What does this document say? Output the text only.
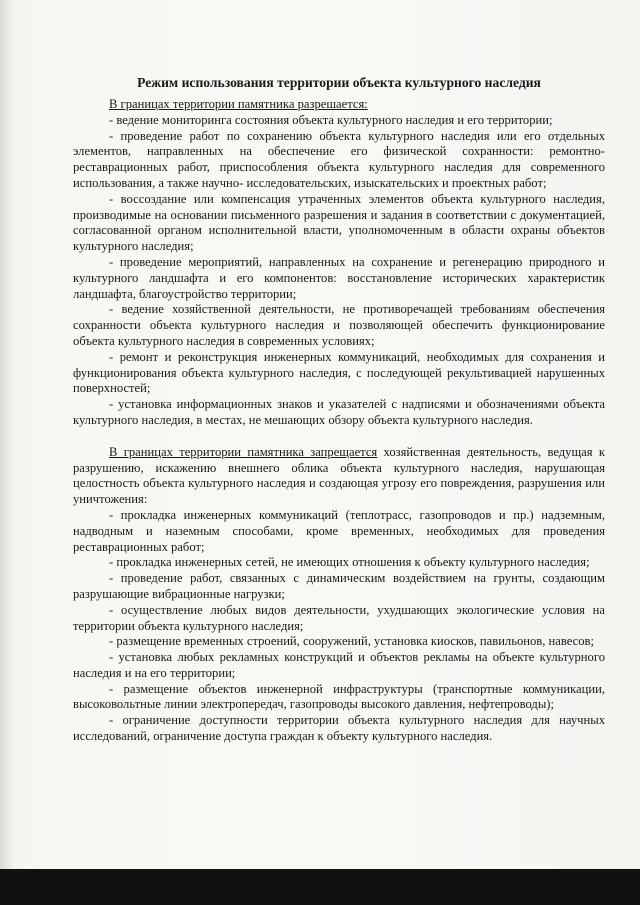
Режим использования территории объекта культурного наследия

В границах территории памятника разрешается:

- ведение мониторинга состояния объекта культурного наследия и его территории;

- проведение работ по сохранению объекта культурного наследия или его отдельных элементов, направленных на обеспечение его физической сохранности: ремонтно-реставрационных работ, приспособления объекта культурного наследия для современного использования, а также научно- исследовательских, изыскательских и проектных работ;

- воссоздание или компенсация утраченных элементов объекта культурного наследия, производимые на основании письменного разрешения и задания в соответствии с документацией, согласованной органом исполнительной власти, уполномоченным в области охраны объектов культурного наследия;

- проведение мероприятий, направленных на сохранение и регенерацию природного и культурного ландшафта и его компонентов: восстановление исторических характеристик ландшафта, благоустройство территории;

- ведение хозяйственной деятельности, не противоречащей требованиям обеспечения сохранности объекта культурного наследия и позволяющей обеспечить функционирование объекта культурного наследия в современных условиях;

- ремонт и реконструкция инженерных коммуникаций, необходимых для сохранения и функционирования объекта культурного наследия, с последующей рекультивацией нарушенных поверхностей;

- установка информационных знаков и указателей с надписями и обозначениями объекта культурного наследия, в местах, не мешающих обзору объекта культурного наследия.

В границах территории памятника запрещается хозяйственная деятельность, ведущая к разрушению, искажению внешнего облика объекта культурного наследия, нарушающая целостность объекта культурного наследия и создающая угрозу его повреждения, разрушения или уничтожения:

- прокладка инженерных коммуникаций (теплотрасс, газопроводов и пр.) надземным, надводным и наземным способами, кроме временных, необходимых для проведения реставрационных работ;

- прокладка инженерных сетей, не имеющих отношения к объекту культурного наследия;

- проведение работ, связанных с динамическим воздействием на грунты, создающим разрушающие вибрационные нагрузки;

- осуществление любых видов деятельности, ухудшающих экологические условия на территории объекта культурного наследия;

- размещение временных строений, сооружений, установка киосков, павильонов, навесов;

- установка любых рекламных конструкций и объектов рекламы на объекте культурного наследия и на его территории;

- размещение объектов инженерной инфраструктуры (транспортные коммуникации, высоковольтные линии электропередач, газопроводы высокого давления, нефтепроводы);

- ограничение доступности территории объекта культурного наследия для научных исследований, ограничение доступа граждан к объекту культурного наследия.
